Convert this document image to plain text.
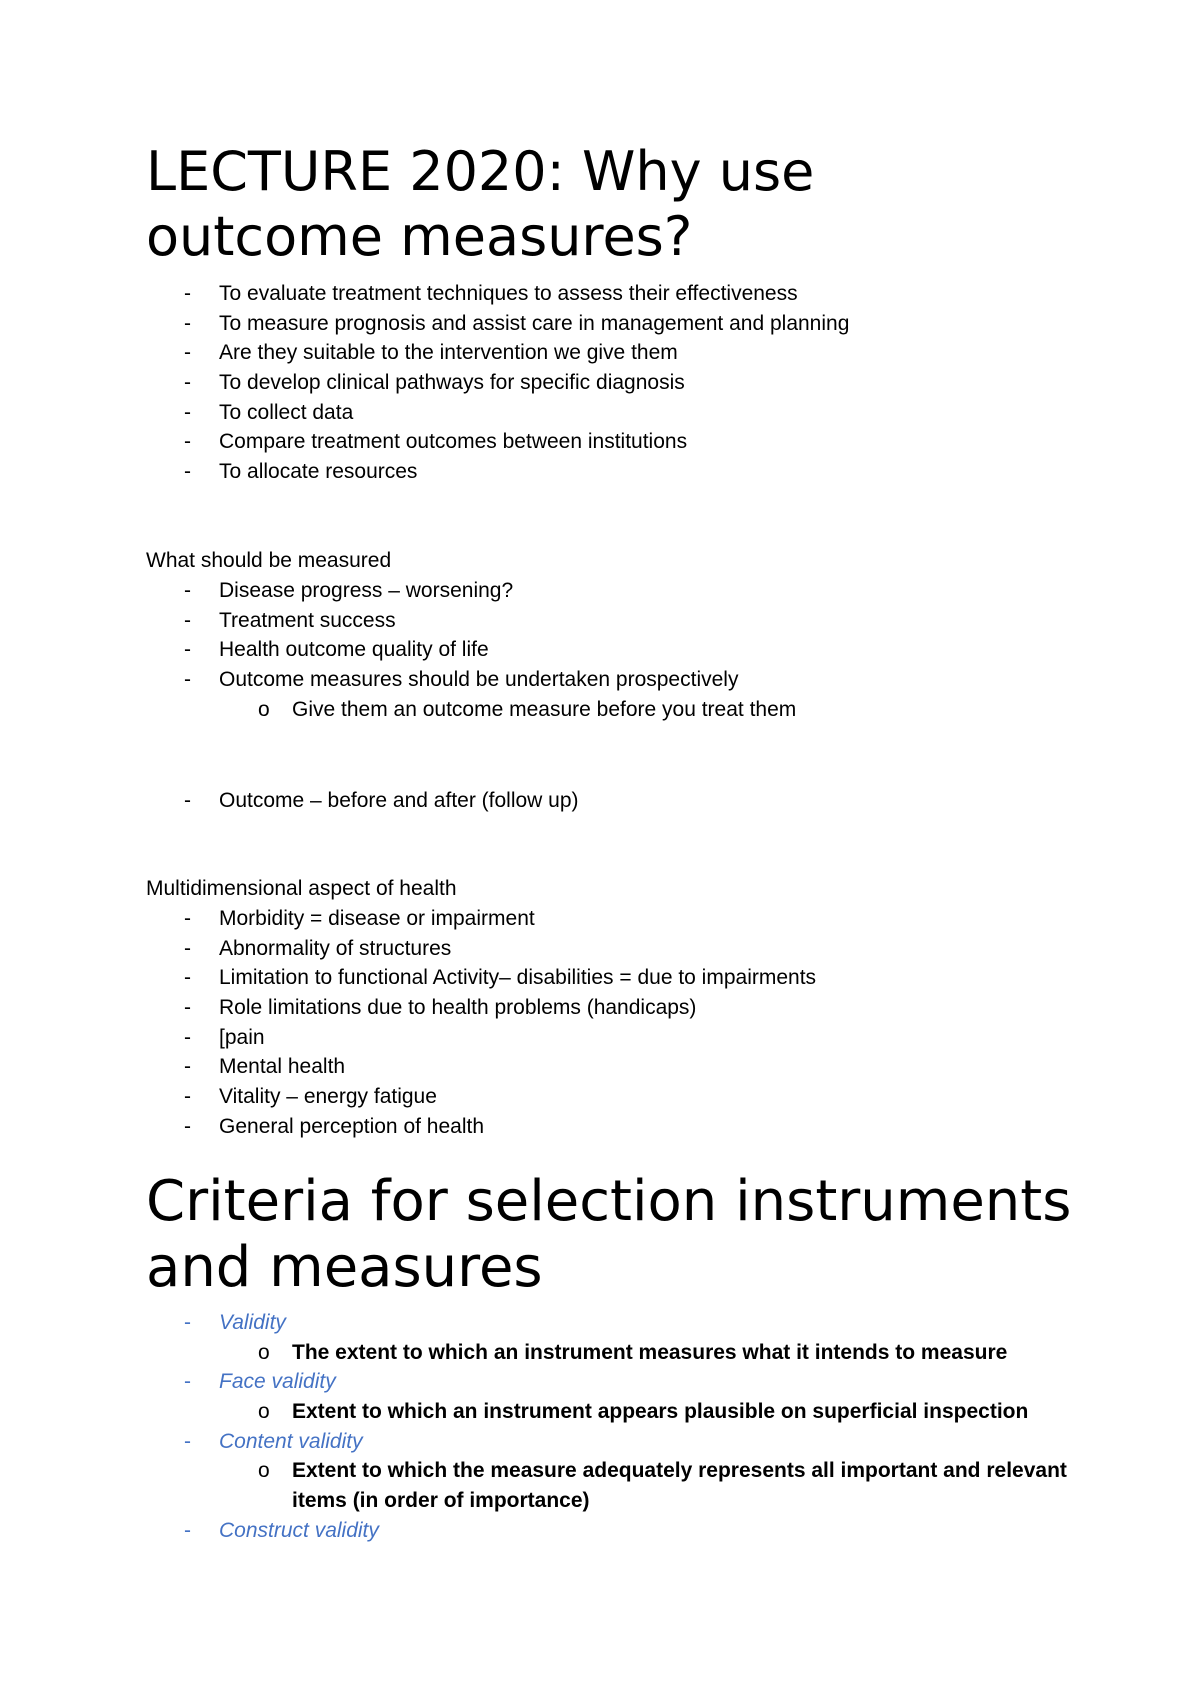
LECTURE 2020: Why use
outcome measures?
- To evaluate treatment techniques to assess their effectiveness
- To measure prognosis and assist care in management and planning
- Are they suitable to the intervention we give them
- To develop clinical pathways for specific diagnosis
- To collect data
- Compare treatment outcomes between institutions
- To allocate resources

What should be measured

- Disease progress – worsening?
- Treatment success
- Health outcome quality of life
- Outcome measures should be undertaken prospectively
o Give them an outcome measure before you treat them
- Outcome – before and after (follow up)

Multidimensional aspect of health

- Morbidity = disease or impairment
- Abnormality of structures
- Limitation to functional Activity– disabilities = due to impairments
- Role limitations due to health problems (handicaps)
- [pain
- Mental health
- Vitality – energy fatigue
- General perception of health
Criteria for selection instruments
and measures
- Validity
o The extent to which an instrument measures what it intends to measure
- Face validity
o Extent to which an instrument appears plausible on superficial inspection
- Content validity
o Extent to which the measure adequately represents all important and relevant items (in order of importance)
- Construct validity
